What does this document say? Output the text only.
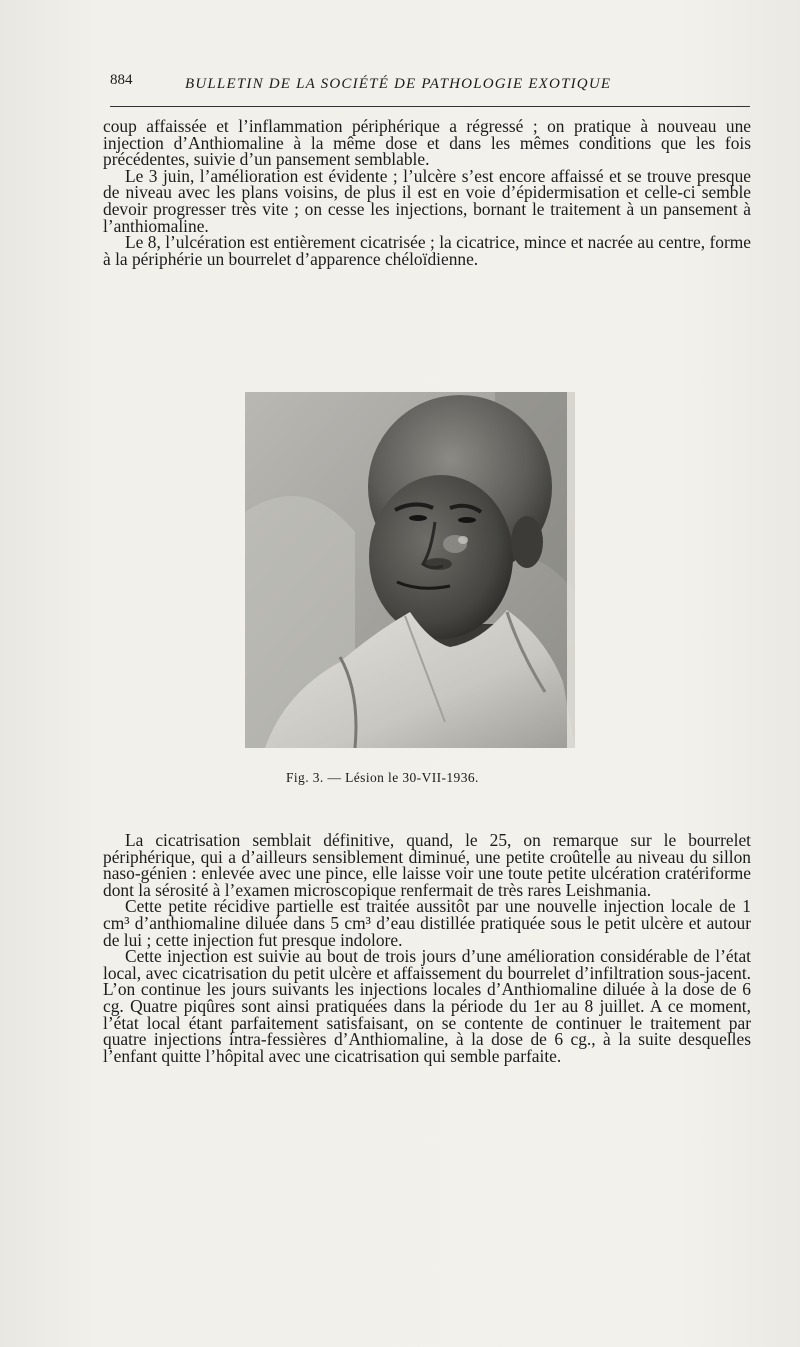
884	BULLETIN DE LA SOCIÉTÉ DE PATHOLOGIE EXOTIQUE

coup affaissée et l’inflammation périphérique a régressé ; on pratique à nouveau une injection d’Anthiomaline à la même dose et dans les mêmes conditions que les fois précédentes, suivie d’un pansement semblable.

Le 3 juin, l’amélioration est évidente ; l’ulcère s’est encore affaissé et se trouve presque de niveau avec les plans voisins, de plus il est en voie d’épidermisation et celle-ci semble devoir progresser très vite ; on cesse les injections, bornant le traitement à un pansement à l’anthiomaline.

Le 8, l’ulcération est entièrement cicatrisée ; la cicatrice, mince et nacrée au centre, forme à la périphérie un bourrelet d’apparence chéloïdienne.

Fig. 3. — Lésion le 30-VII-1936.

La cicatrisation semblait définitive, quand, le 25, on remarque sur le bourrelet périphérique, qui a d’ailleurs sensiblement diminué, une petite croûtelle au niveau du sillon naso-génien : enlevée avec une pince, elle laisse voir une toute petite ulcération cratériforme dont la sérosité à l’examen microscopique renfermait de très rares Leishmania.

Cette petite récidive partielle est traitée aussitôt par une nouvelle injection locale de 1 cm³ d’anthiomaline diluée dans 5 cm³ d’eau distillée pratiquée sous le petit ulcère et autour de lui ; cette injection fut presque indolore.

Cette injection est suivie au bout de trois jours d’une amélioration considérable de l’état local, avec cicatrisation du petit ulcère et affaissement du bourrelet d’infiltration sous-jacent. L’on continue les jours suivants les injections locales d’Anthiomaline diluée à la dose de 6 cg. Quatre piqûres sont ainsi pratiquées dans la période du 1er au 8 juillet. A ce moment, l’état local étant parfaitement satisfaisant, on se contente de continuer le traitement par quatre injections intra-fessières d’Anthiomaline, à la dose de 6 cg., à la suite desquelles l’enfant quitte l’hôpital avec une cicatrisation qui semble parfaite.
